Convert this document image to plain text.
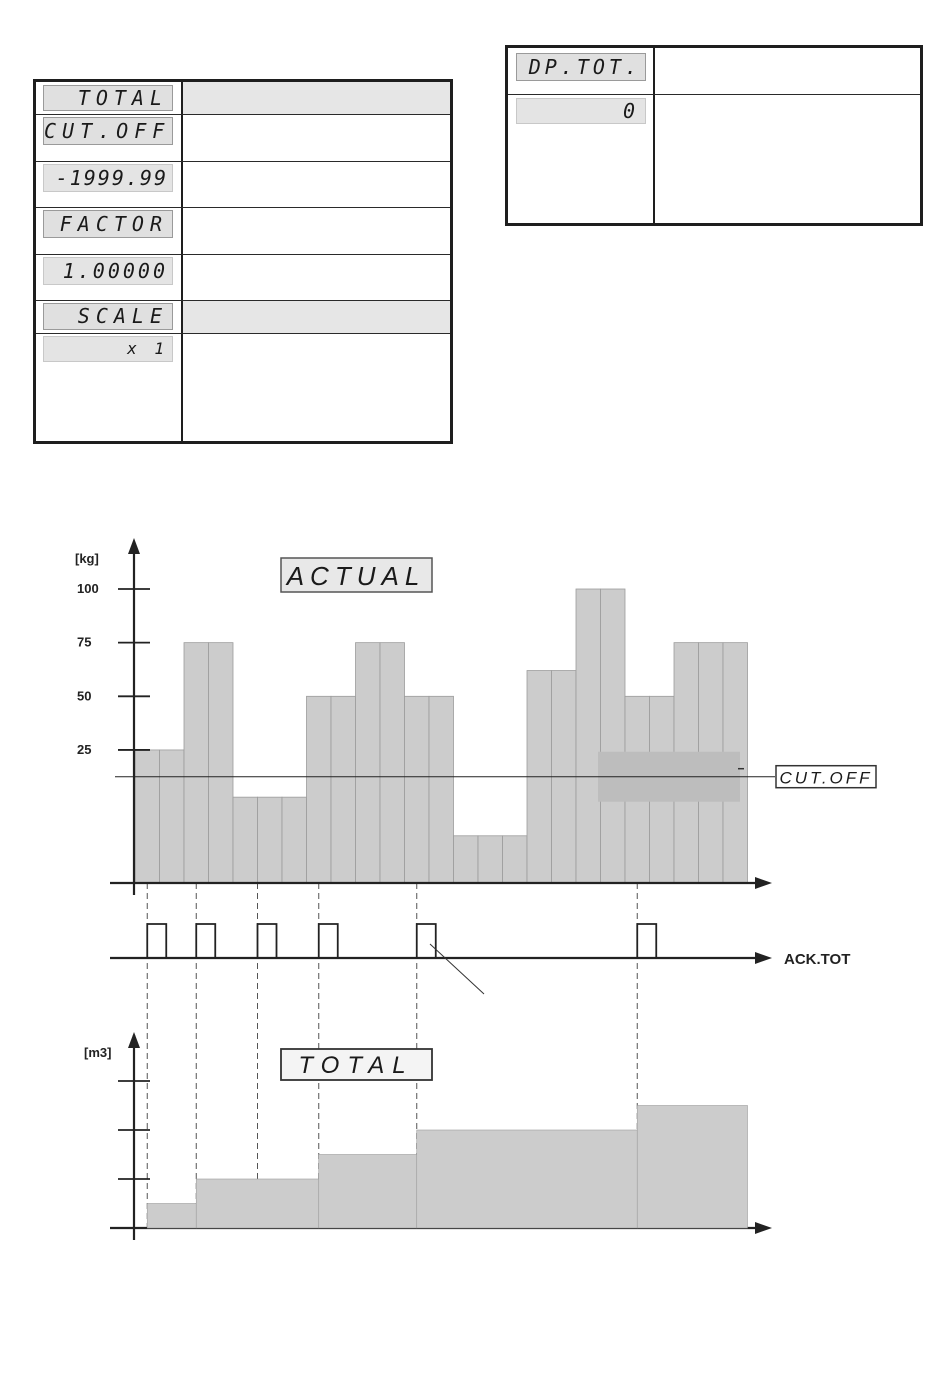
TOTAL
CUT.OFF
-1999.99
FACTOR
1.00000
SCALE
x 1
DP.TOT.
0
25
50
75
100
[kg]
ACTUAL
CUT.OFF
ACK.TOT
[m3]	TOTAL
